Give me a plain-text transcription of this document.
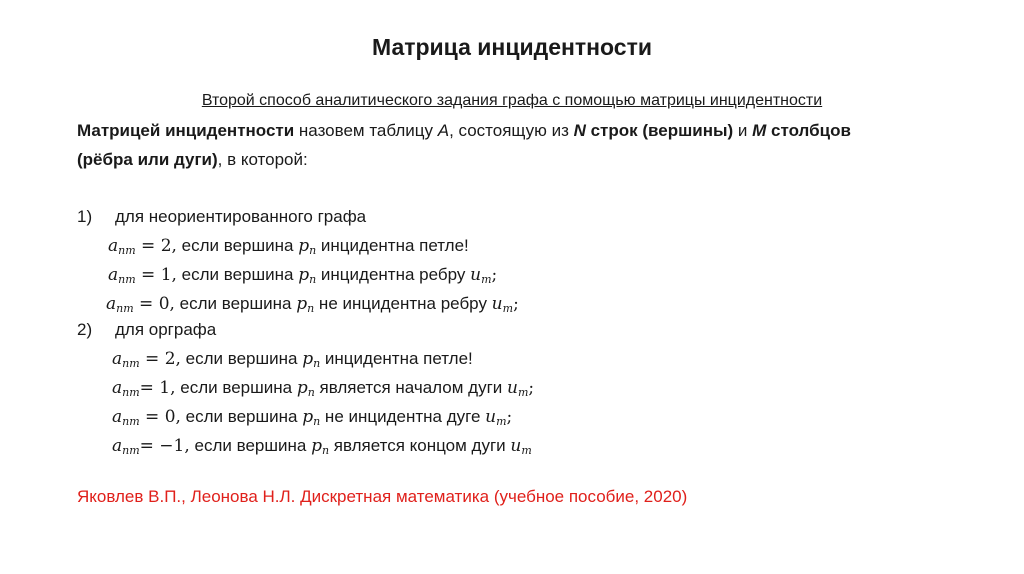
Матрица инцидентности
Второй способ аналитического задания графа с помощью матрицы инцидентности
Матрицей инцидентности назовем таблицу A, состоящую из N строк (вершины) и M столбцов
(рёбра или дуги), в которой:
1) для неориентированного графа
$a_{nm} = 2$, если вершина $p_n$ инцидентна петле!
$a_{nm} = 1$, если вершина $p_n$ инцидентна ребру $u_m$;
$a_{nm} = 0$, если вершина $p_n$ не инцидентна ребру $u_m$;
2) для орграфа
$a_{nm} = 2$, если вершина $p_n$ инцидентна петле!
$a_{nm}= 1$, если вершина $p_n$ является началом дуги $u_m$;
$a_{nm} = 0$, если вершина $p_n$ не инцидентна дуге $u_m$;
$a_{nm}= -1$, если вершина $p_n$ является концом дуги $u_m$
Яковлев В.П., Леонова Н.Л. Дискретная математика (учебное пособие, 2020)
